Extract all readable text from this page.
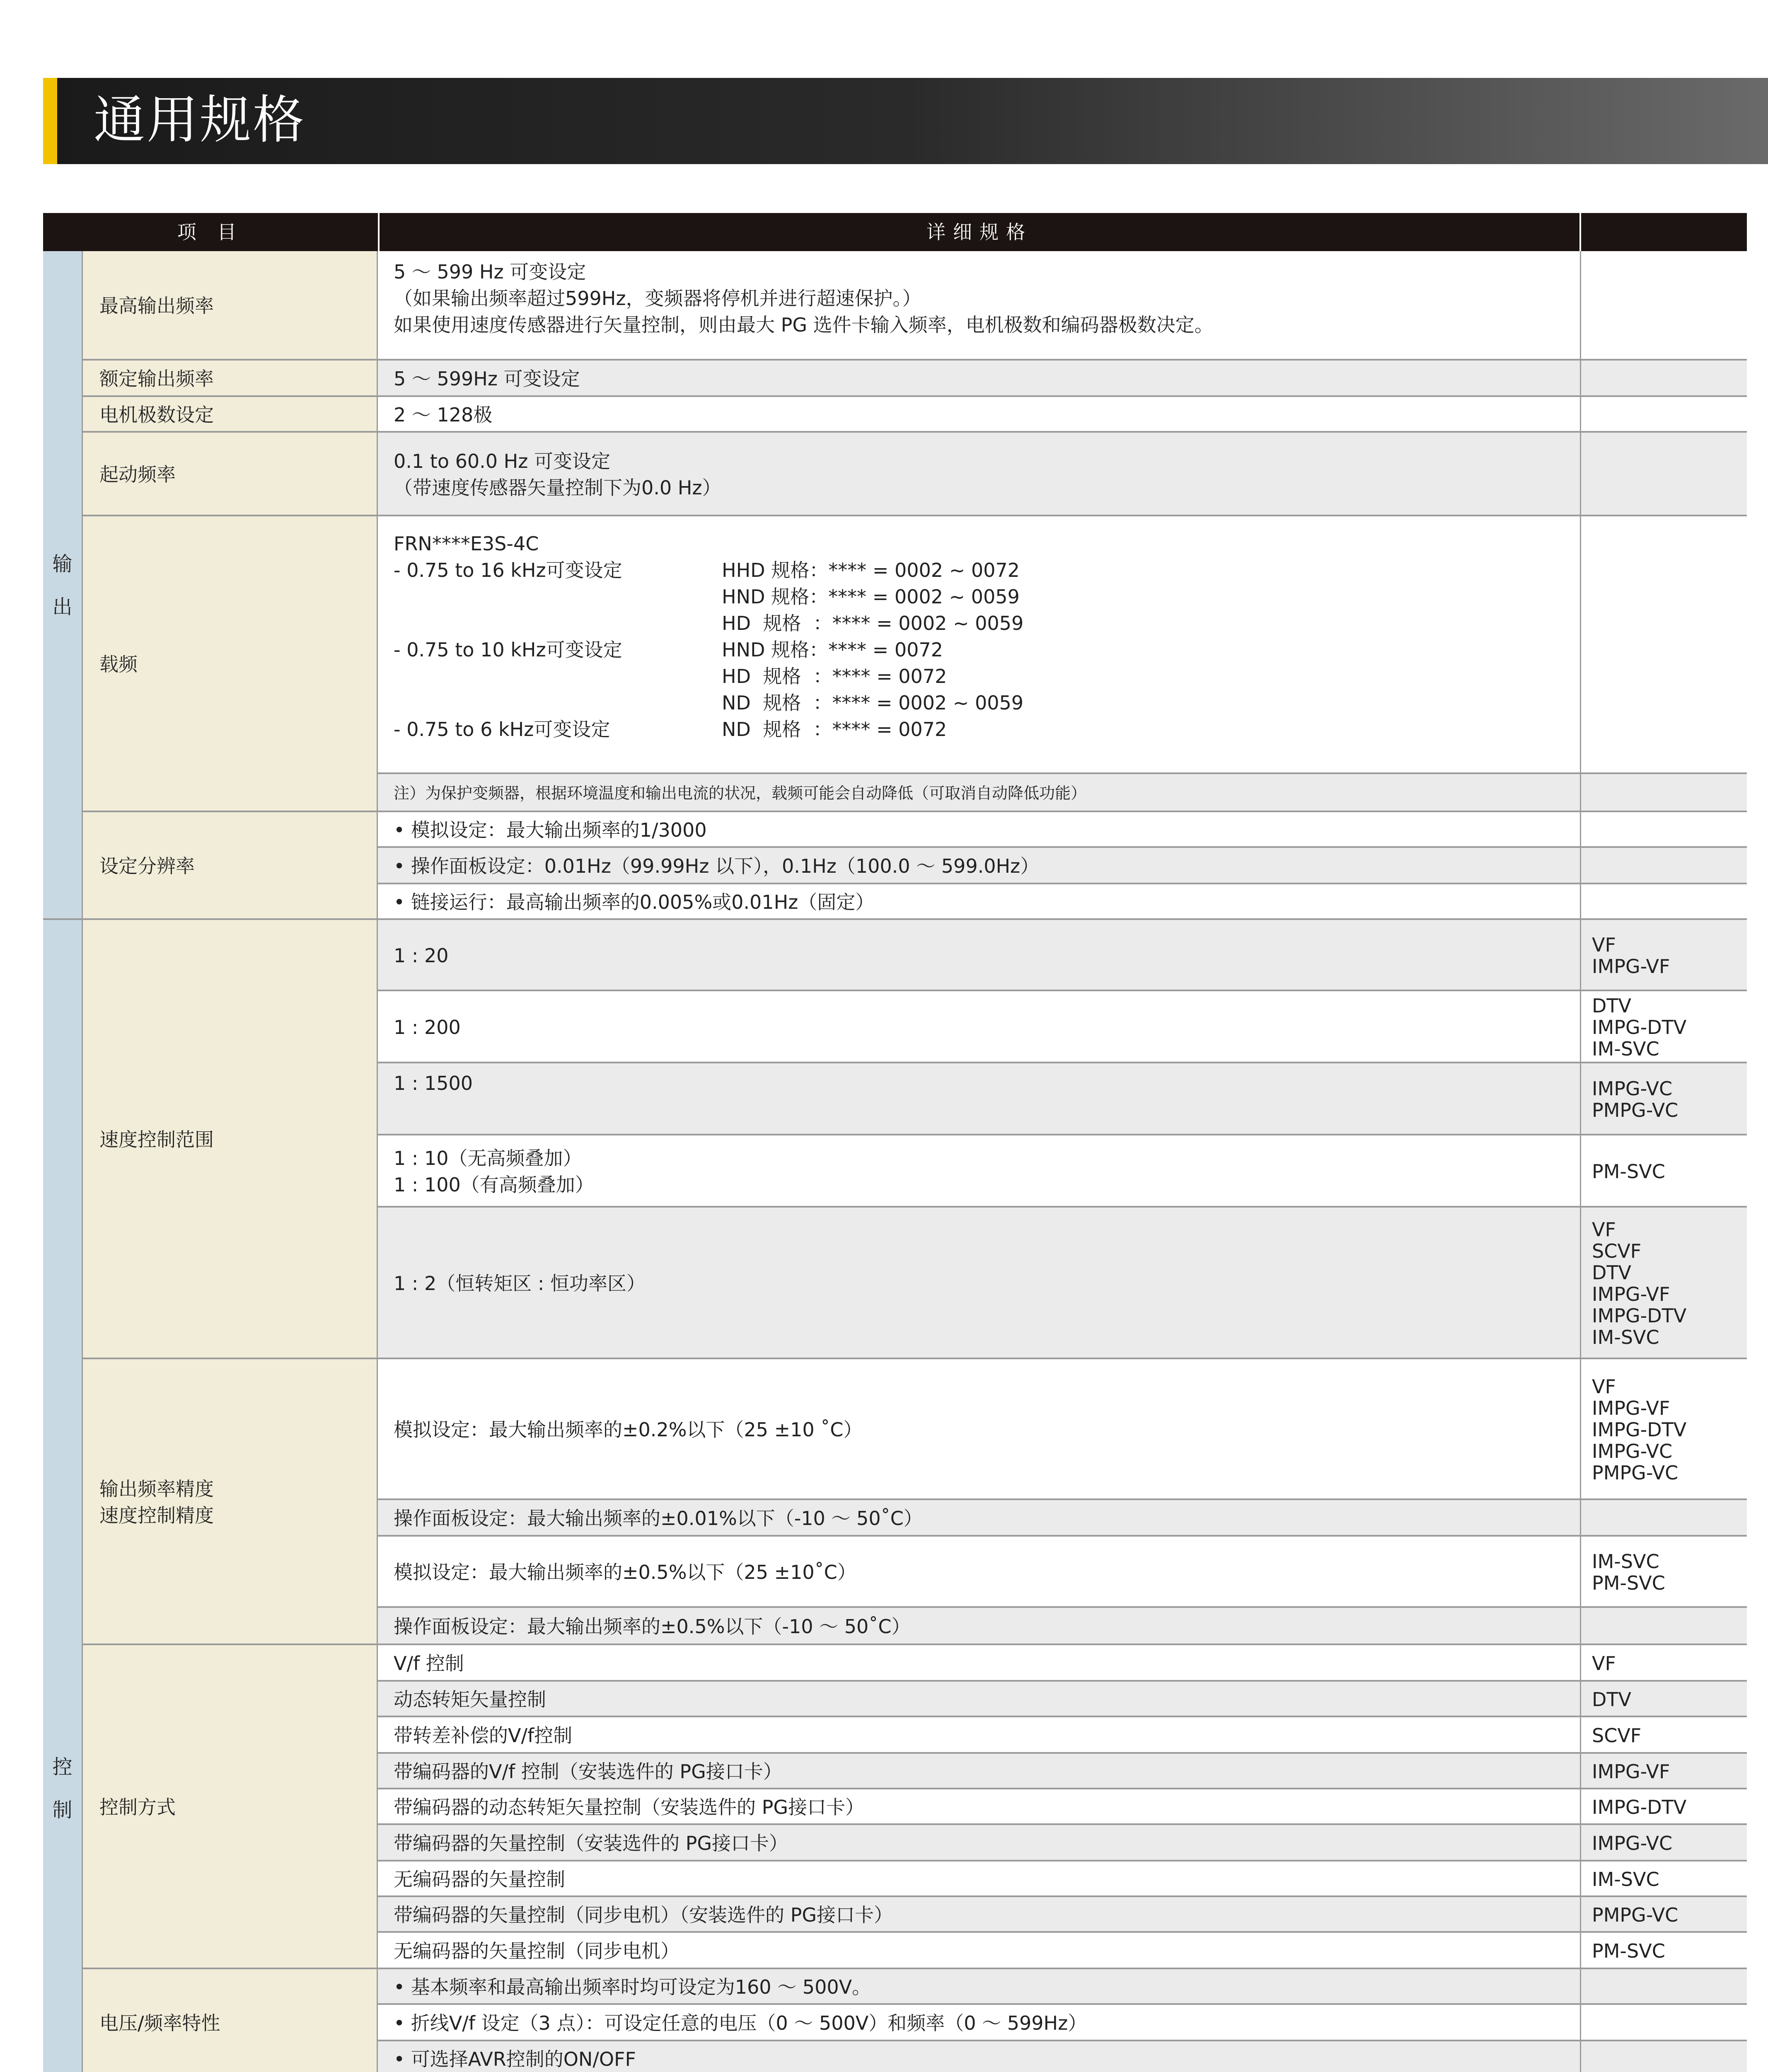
通用规格
项 目	详细规格
输
出
控
制
最高输出频率
额定输出频率
电机极数设定
起动频率
载频
设定分辨率
速度控制范围
输出频率精度
速度控制精度
控制方式
电压/频率特性
5 ～ 599 Hz 可变设定
（如果输出频率超过599Hz，变频器将停机并进行超速保护。）
如果使用速度传感器进行矢量控制，则由最大 PG 选件卡输入频率，电机极数和编码器极数决定。
5 ～ 599Hz 可变设定
2 ～ 128极
0.1 to 60.0 Hz 可变设定
（带速度传感器矢量控制下为0.0 Hz）
FRN****E3S-4C
- 0.75 to 16 kHz可变设定

- 0.75 to 10 kHz可变设定

- 0.75 to 6 kHz可变设定
HHD 规格：**** = 0002 ~ 0072
HND 规格：**** = 0002 ~ 0059
HD  规格  ：**** = 0002 ~ 0059
HND 规格：**** = 0072
HD  规格  ：**** = 0072
ND  规格  ：**** = 0002 ~ 0059
ND  规格  ：**** = 0072
注）为保护变频器，根据环境温度和输出电流的状况，载频可能会自动降低（可取消自动降低功能）
• 模拟设定：最大输出频率的1/3000
• 操作面板设定：0.01Hz（99.99Hz 以下），0.1Hz（100.0 ～ 599.0Hz）
• 链接运行：最高输出频率的0.005%或0.01Hz（固定）
1 : 20
1 : 200
1 : 1500
1 : 10（无高频叠加）
1 : 100（有高频叠加）
1 : 2（恒转矩区 : 恒功率区）
模拟设定：最大输出频率的±0.2%以下（25 ±10 ˚C）
操作面板设定：最大输出频率的±0.01%以下（-10 ～ 50˚C）
模拟设定：最大输出频率的±0.5%以下（25 ±10˚C）
操作面板设定：最大输出频率的±0.5%以下（-10 ～ 50˚C）
V/f 控制
动态转矩矢量控制
带转差补偿的V/f控制
带编码器的V/f 控制（安装选件的 PG接口卡）
带编码器的动态转矩矢量控制（安装选件的 PG接口卡）
带编码器的矢量控制（安装选件的 PG接口卡）
无编码器的矢量控制
带编码器的矢量控制（同步电机）（安装选件的 PG接口卡）
无编码器的矢量控制（同步电机）
• 基本频率和最高输出频率时均可设定为160 ～ 500V。
• 折线V/f 设定（3 点）：可设定任意的电压（0 ～ 500V）和频率（0 ～ 599Hz）
• 可选择AVR控制的ON/OFF
VF
IMPG-VF
DTV
IMPG-DTV
IM-SVC
IMPG-VC
PMPG-VC
PM-SVC
VF
SCVF
DTV
IMPG-VF
IMPG-DTV
IM-SVC
VF
IMPG-VF
IMPG-DTV
IMPG-VC
PMPG-VC
IM-SVC
PM-SVC
VF
DTV
SCVF
IMPG-VF
IMPG-DTV
IMPG-VC
IM-SVC
PMPG-VC
PM-SVC
